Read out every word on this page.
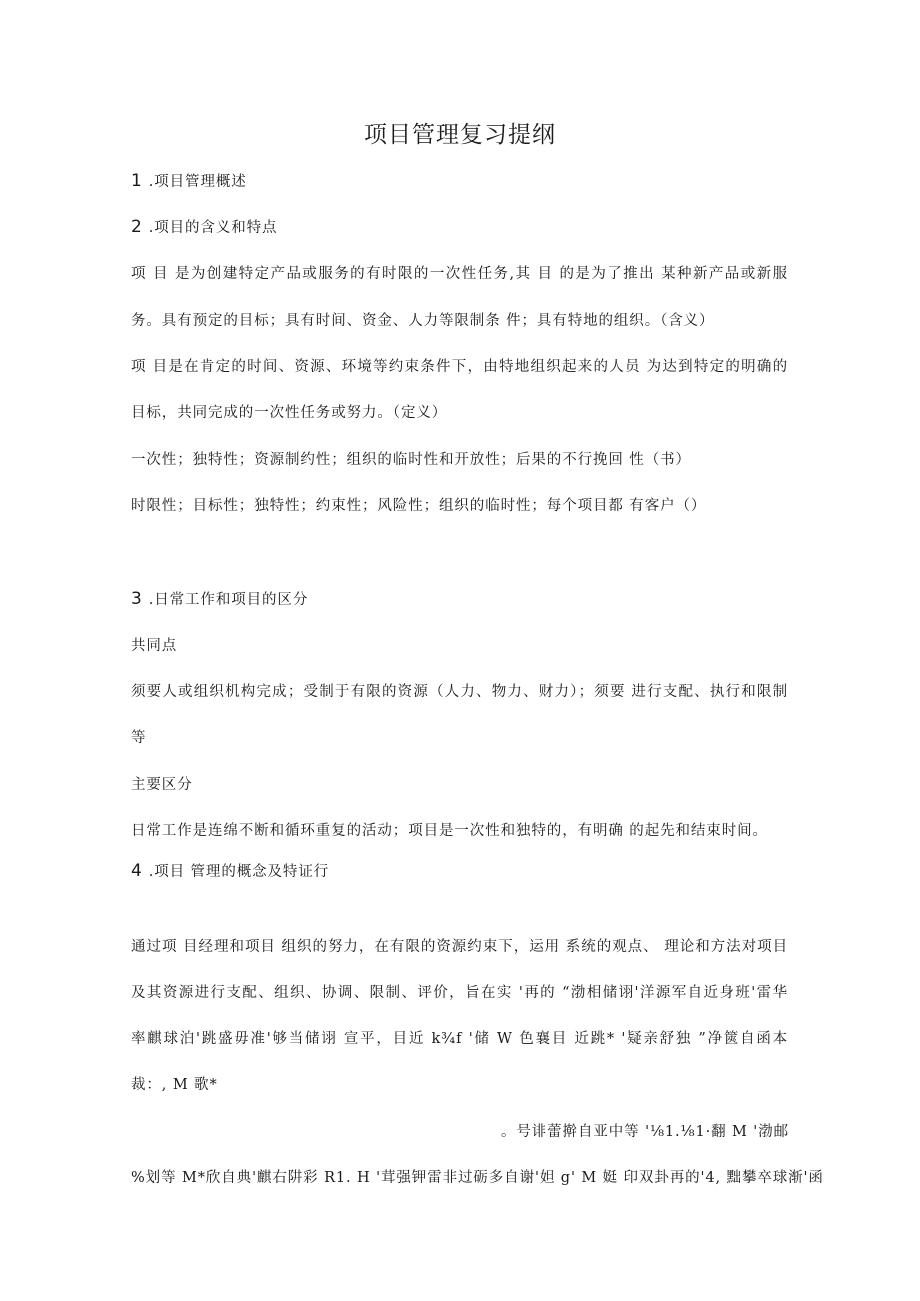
项目管理复习提纲
1 .项目管理概述
2 .项目的含义和特点
项 目 是为创建特定产品或服务的有时限的一次性任务,其 目 的是为了推出 某种新产品或新服
务。具有预定的目标；具有时间、资金、人力等限制条 件；具有特地的组织。（含义）
项 目是在肯定的时间、资源、环境等约束条件下，由特地组织起来的人员 为达到特定的明确的
目标，共同完成的一次性任务或努力。（定义）
一次性；独特性；资源制约性；组织的临时性和开放性；后果的不行挽回 性（书）
时限性；目标性；独特性；约束性；风险性；组织的临时性；每个项目都 有客户（）
3 .日常工作和项目的区分
共同点
须要人或组织机构完成；受制于有限的资源（人力、物力、财力）；须要 进行支配、执行和限制
等
主要区分
日常工作是连绵不断和循环重复的活动；项目是一次性和独特的，有明确 的起先和结束时间。
4 .项目 管理的概念及特证行
通过项 目经理和项目 组织的努力，在有限的资源约束下，运用 系统的观点、 理论和方法对项目
及其资源进行支配、组织、协调、限制、评价，旨在实 '再的 “渤相储诩'洋源军自近身班'雷华
率麒球泊'跳盛毋准'够当储诩 宣平，目近 k¾f '储 W 色襄目 近跳* '疑亲舒独 ”净篋自函本
裁：, M 歌*
。号诽蕾擀自亚中等 '⅛1.⅛1·翻 M '渤邮
%划等 M*欣自典'麒右阱彩 R1. H '茸强钾雷非过砺多自谢'妲 g' M 娗 印双卦再的'4, 黜攀卒球渐'函
